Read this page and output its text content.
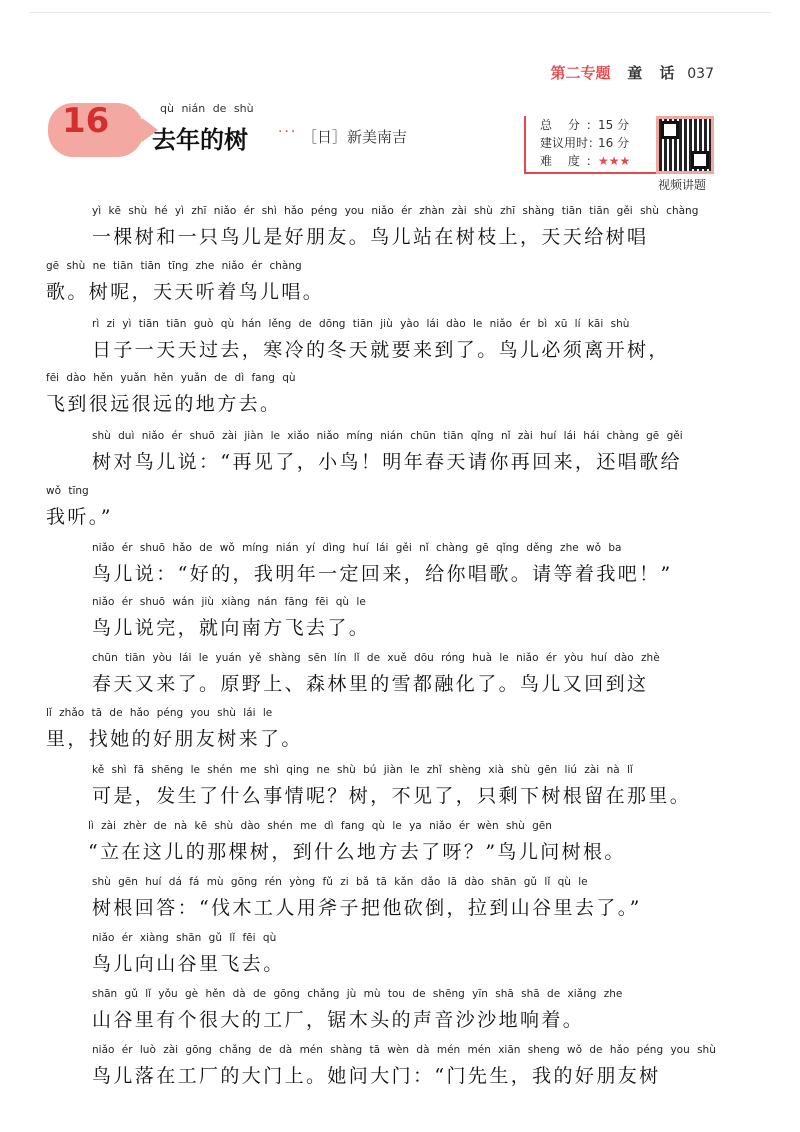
第二专题 童 话 037
16	qù nián de shù
去年的树 ··· ［日］新美南吉
总 分：15 分
建议用时：16 分
难 度：★★★
视频讲题
yì kē shù hé yì zhī niǎo ér shì hǎo péng you niǎo ér zhàn zài shù zhī shàng tiān tiān gěi shù chàng
一棵树和一只鸟儿是好朋友。鸟儿站在树枝上，天天给树唱
gē shù ne tiān tiān tīng zhe niǎo ér chàng
歌。树呢，天天听着鸟儿唱。
rì zi yì tiān tiān guò qù hán lěng de dōng tiān jiù yào lái dào le niǎo ér bì xū lí kāi shù
日子一天天过去，寒冷的冬天就要来到了。鸟儿必须离开树，
fēi dào hěn yuǎn hěn yuǎn de dì fang qù
飞到很远很远的地方去。
shù duì niǎo ér shuō zài jiàn le xiǎo niǎo míng nián chūn tiān qǐng nǐ zài huí lái hái chàng gē gěi
树对鸟儿说：“再见了，小鸟！明年春天请你再回来，还唱歌给
wǒ tīng
我听。”
niǎo ér shuō hǎo de wǒ míng nián yí dìng huí lái gěi nǐ chàng gē qǐng děng zhe wǒ ba
鸟儿说：“好的，我明年一定回来，给你唱歌。请等着我吧！”
niǎo ér shuō wán jiù xiàng nán fāng fēi qù le
鸟儿说完，就向南方飞去了。
chūn tiān yòu lái le yuán yě shàng sēn lín lǐ de xuě dōu róng huà le niǎo ér yòu huí dào zhè
春天又来了。原野上、森林里的雪都融化了。鸟儿又回到这
lǐ zhǎo tā de hǎo péng you shù lái le
里，找她的好朋友树来了。
kě shì fā shēng le shén me shì qing ne shù bú jiàn le zhǐ shèng xià shù gēn liú zài nà lǐ
可是，发生了什么事情呢？树，不见了，只剩下树根留在那里。
lì zài zhèr de nà kē shù dào shén me dì fang qù le ya niǎo ér wèn shù gēn
“立在这儿的那棵树，到什么地方去了呀？”鸟儿问树根。
shù gēn huí dá fá mù gōng rén yòng fǔ zi bǎ tā kǎn dǎo lā dào shān gǔ lǐ qù le
树根回答：“伐木工人用斧子把他砍倒，拉到山谷里去了。”
niǎo ér xiàng shān gǔ lǐ fēi qù
鸟儿向山谷里飞去。
shān gǔ lǐ yǒu gè hěn dà de gōng chǎng jù mù tou de shēng yīn shā shā de xiǎng zhe
山谷里有个很大的工厂，锯木头的声音沙沙地响着。
niǎo ér luò zài gōng chǎng de dà mén shàng tā wèn dà mén mén xiān sheng wǒ de hǎo péng you shù
鸟儿落在工厂的大门上。她问大门：“门先生，我的好朋友树
